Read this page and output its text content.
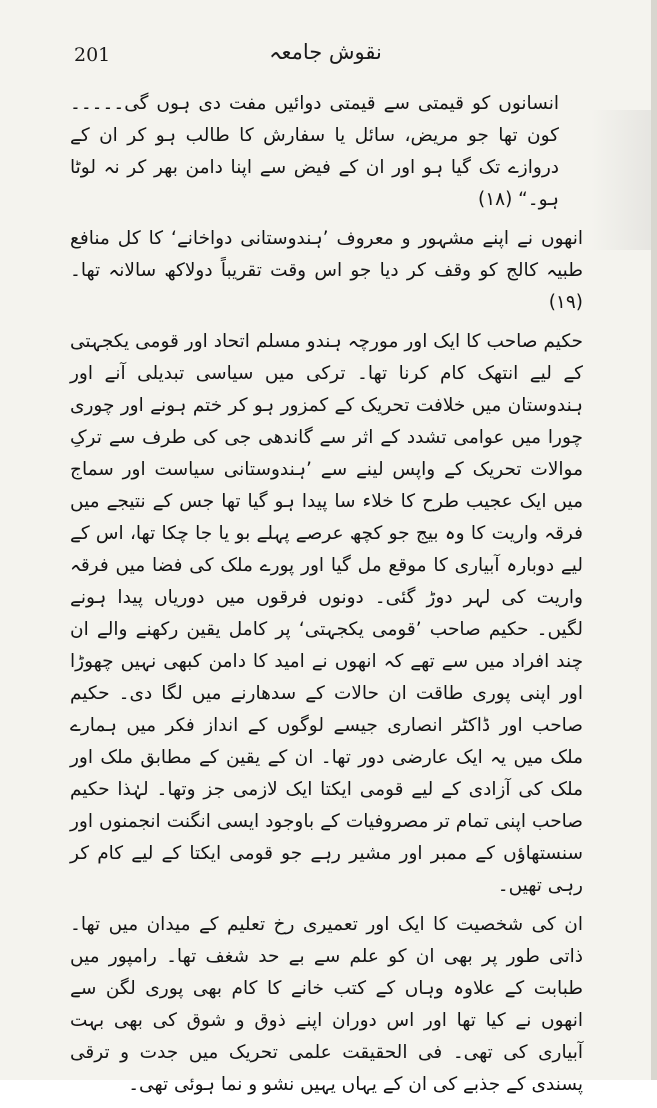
201	نقوش جامعہ

انسانوں کو قیمتی سے قیمتی دوائیں مفت دی ہوں گی۔۔۔۔۔کون تھا جو مریض، سائل یا سفارش کا طالب ہو کر ان کے دروازے تک گیا ہو اور ان کے فیض سے اپنا دامن بھر کر نہ لوٹا ہو۔“ (۱۸)

انھوں نے اپنے مشہور و معروف ’ہندوستانی دواخانے‘ کا کل منافع طبیہ کالج کو وقف کر دیا جو اس وقت تقریباً دولاکھ سالانہ تھا۔ (۱۹)

حکیم صاحب کا ایک اور مورچہ ہندو مسلم اتحاد اور قومی یکجہتی کے لیے انتھک کام کرنا تھا۔ ترکی میں سیاسی تبدیلی آنے اور ہندوستان میں خلافت تحریک کے کمزور ہو کر ختم ہونے اور چوری چورا میں عوامی تشدد کے اثر سے گاندھی جی کی طرف سے ترکِ موالات تحریک کے واپس لینے سے ’ہندوستانی سیاست اور سماج میں ایک عجیب طرح کا خلاء سا پیدا ہو گیا تھا جس کے نتیجے میں فرقہ واریت کا وہ بیج جو کچھ عرصے پہلے بو یا جا چکا تھا، اس کے لیے دوبارہ آبیاری کا موقع مل گیا اور پورے ملک کی فضا میں فرقہ واریت کی لہر دوڑ گئی۔ دونوں فرقوں میں دوریاں پیدا ہونے لگیں۔ حکیم صاحب ’قومی یکجہتی‘ پر کامل یقین رکھنے والے ان چند افراد میں سے تھے کہ انھوں نے امید کا دامن کبھی نہیں چھوڑا اور اپنی پوری طاقت ان حالات کے سدھارنے میں لگا دی۔ حکیم صاحب اور ڈاکٹر انصاری جیسے لوگوں کے انداز فکر میں ہمارے ملک میں یہ ایک عارضی دور تھا۔ ان کے یقین کے مطابق ملک اور ملک کی آزادی کے لیے قومی ایکتا ایک لازمی جز وتھا۔ لہٰذا حکیم صاحب اپنی تمام تر مصروفیات کے باوجود ایسی انگنت انجمنوں اور سنستھاؤں کے ممبر اور مشیر رہے جو قومی ایکتا کے لیے کام کر رہی تھیں۔

ان کی شخصیت کا ایک اور تعمیری رخ تعلیم کے میدان میں تھا۔ ذاتی طور پر بھی ان کو علم سے بے حد شغف تھا۔ رامپور میں طبابت کے علاوہ وہاں کے کتب خانے کا کام بھی پوری لگن سے انھوں نے کیا تھا اور اس دوران اپنے ذوق و شوق کی بھی بہت آبیاری کی تھی۔ فی الحقیقت علمی تحریک میں جدت و ترقی پسندی کے جذبے کی ان کے یہاں یہیں نشو و نما ہوئی تھی۔
